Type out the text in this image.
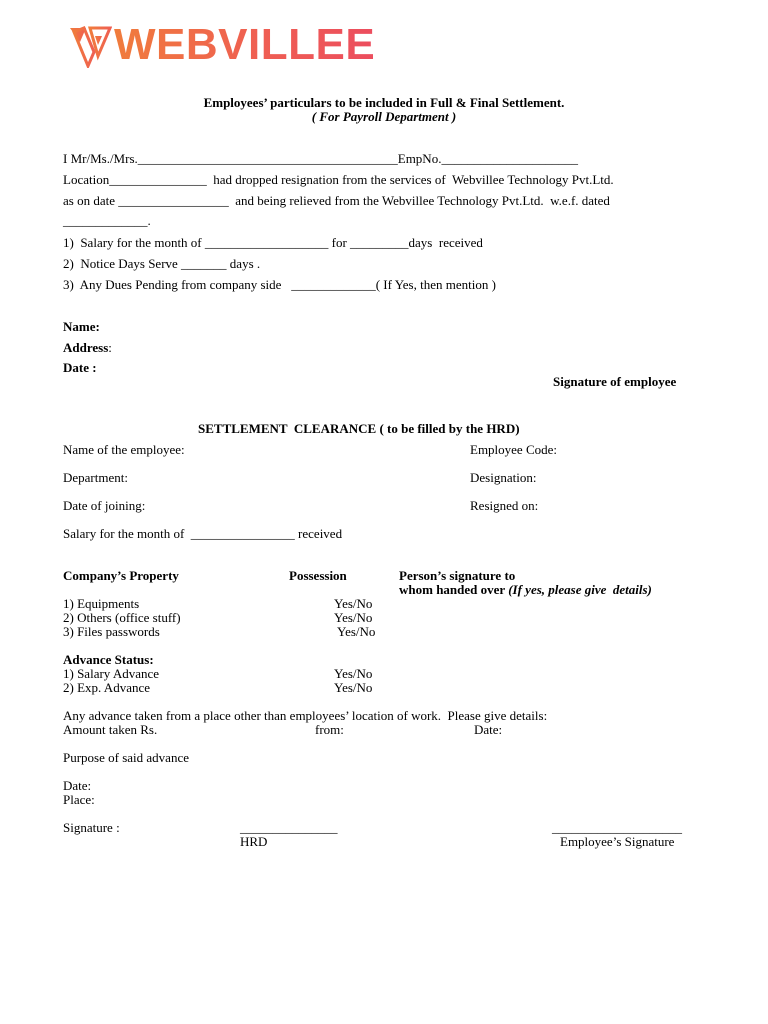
WEBVILLEE
Employees’ particulars to be included in Full & Final Settlement.
( For Payroll Department )
I Mr/Ms./Mrs.________________________________________EmpNo._____________________
Location_______________  had dropped resignation from the services of  Webvillee Technology Pvt.Ltd.
as on date _________________  and being relieved from the Webvillee Technology Pvt.Ltd.  w.e.f. dated
_____________.
1)  Salary for the month of ___________________ for _________days  received
2)  Notice Days Serve _______ days .
3)  Any Dues Pending from company side   _____________( If Yes, then mention )
Name:
Address:
Date :
Signature of employee
SETTLEMENT  CLEARANCE ( to be filled by the HRD)
Name of the employee:	Employee Code:
Department:	Designation:
Date of joining:	Resigned on:
Salary for the month of  ________________ received
Company’s Property	Possession	Person’s signature to
whom handed over (If yes, please give  details)
1) Equipments	Yes/No
2) Others (office stuff)	Yes/No
3) Files passwords	Yes/No
Advance Status:
1) Salary Advance	Yes/No
2) Exp. Advance	Yes/No
Any advance taken from a place other than employees’ location of work.  Please give details:
Amount taken Rs.	from:	Date:
Purpose of said advance
Date:
Place:
Signature :	_______________	____________________
HRD	Employee’s Signature
